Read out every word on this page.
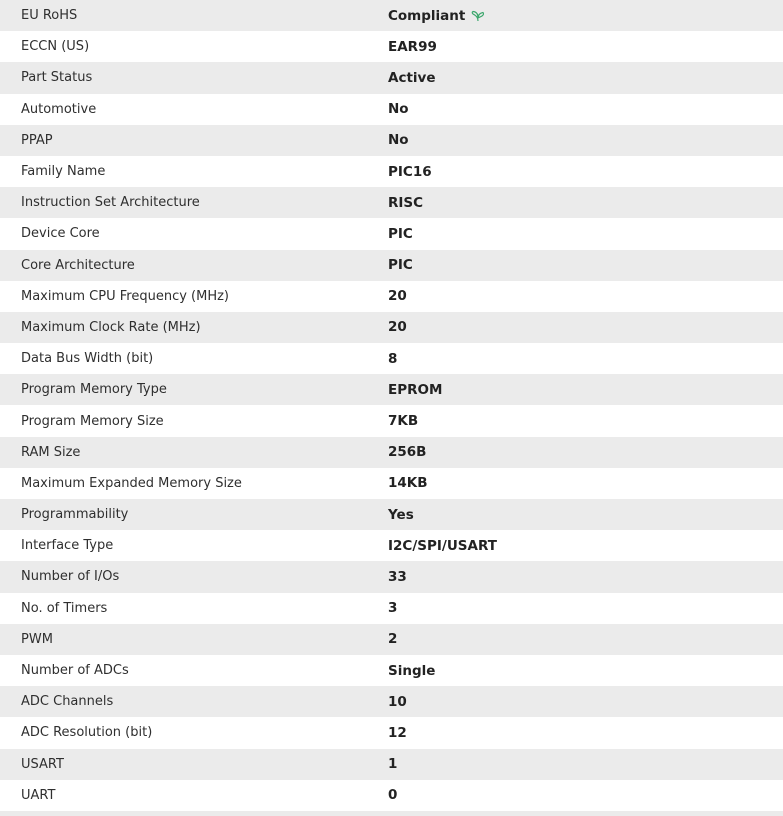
EU RoHS	Compliant
ECCN (US)	EAR99
Part Status	Active
Automotive	No
PPAP	No
Family Name	PIC16
Instruction Set Architecture	RISC
Device Core	PIC
Core Architecture	PIC
Maximum CPU Frequency (MHz)	20
Maximum Clock Rate (MHz)	20
Data Bus Width (bit)	8
Program Memory Type	EPROM
Program Memory Size	7KB
RAM Size	256B
Maximum Expanded Memory Size	14KB
Programmability	Yes
Interface Type	I2C/SPI/USART
Number of I/Os	33
No. of Timers	3
PWM	2
Number of ADCs	Single
ADC Channels	10
ADC Resolution (bit)	12
USART	1
UART	0
